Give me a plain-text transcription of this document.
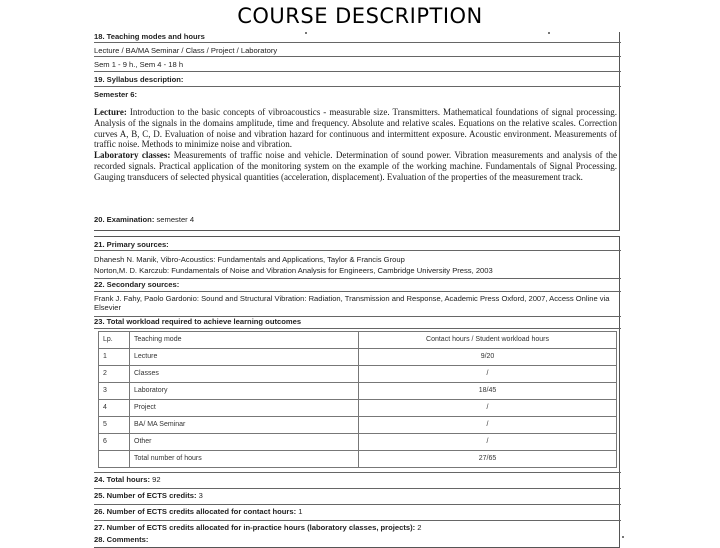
COURSE DESCRIPTION
18. Teaching modes and hours
Lecture / BA/MA Seminar / Class / Project / Laboratory
Sem 1 - 9 h., Sem 4 - 18 h
19. Syllabus description:
Semester 6:
Lecture: Introduction to the basic concepts of vibroacoustics - measurable size. Transmitters. Mathematical foundations of signal processing. Analysis of the signals in the domains amplitude, time and frequency. Absolute and relative scales. Equations on the relative scales. Correction curves A, B, C, D. Evaluation of noise and vibration hazard for continuous and intermittent exposure. Acoustic environment. Measurements of traffic noise. Methods to minimize noise and vibration.
Laboratory classes: Measurements of traffic noise and vehicle. Determination of sound power. Vibration measurements and analysis of the recorded signals. Practical application of the monitoring system on the example of the working machine. Fundamentals of Signal Processing. Gauging transducers of selected physical quantities (acceleration, displacement). Evaluation of the properties of the measurement track.
20. Examination: semester 4
21. Primary sources:
Dhanesh N. Manik, Vibro-Acoustics: Fundamentals and Applications, Taylor & Francis Group
Norton,M. D. Karczub: Fundamentals of Noise and Vibration Analysis for Engineers, Cambridge University Press, 2003
22. Secondary sources:
Frank J. Fahy, Paolo Gardonio: Sound and Structural Vibration: Radiation, Transmission and Response, Academic Press Oxford, 2007, Access Online via Elsevier
23. Total workload required to achieve learning outcomes
Lp.	Teaching mode	Contact hours / Student workload hours
1	Lecture	9/20
2	Classes	/
3	Laboratory	18/45
4	Project	/
5	BA/ MA Seminar	/
6	Other	/
	Total number of hours	27/65
24. Total hours: 92
25. Number of ECTS credits: 3
26. Number of ECTS credits allocated for contact hours: 1
27. Number of ECTS credits allocated for in-practice hours (laboratory classes, projects): 2
28. Comments:
